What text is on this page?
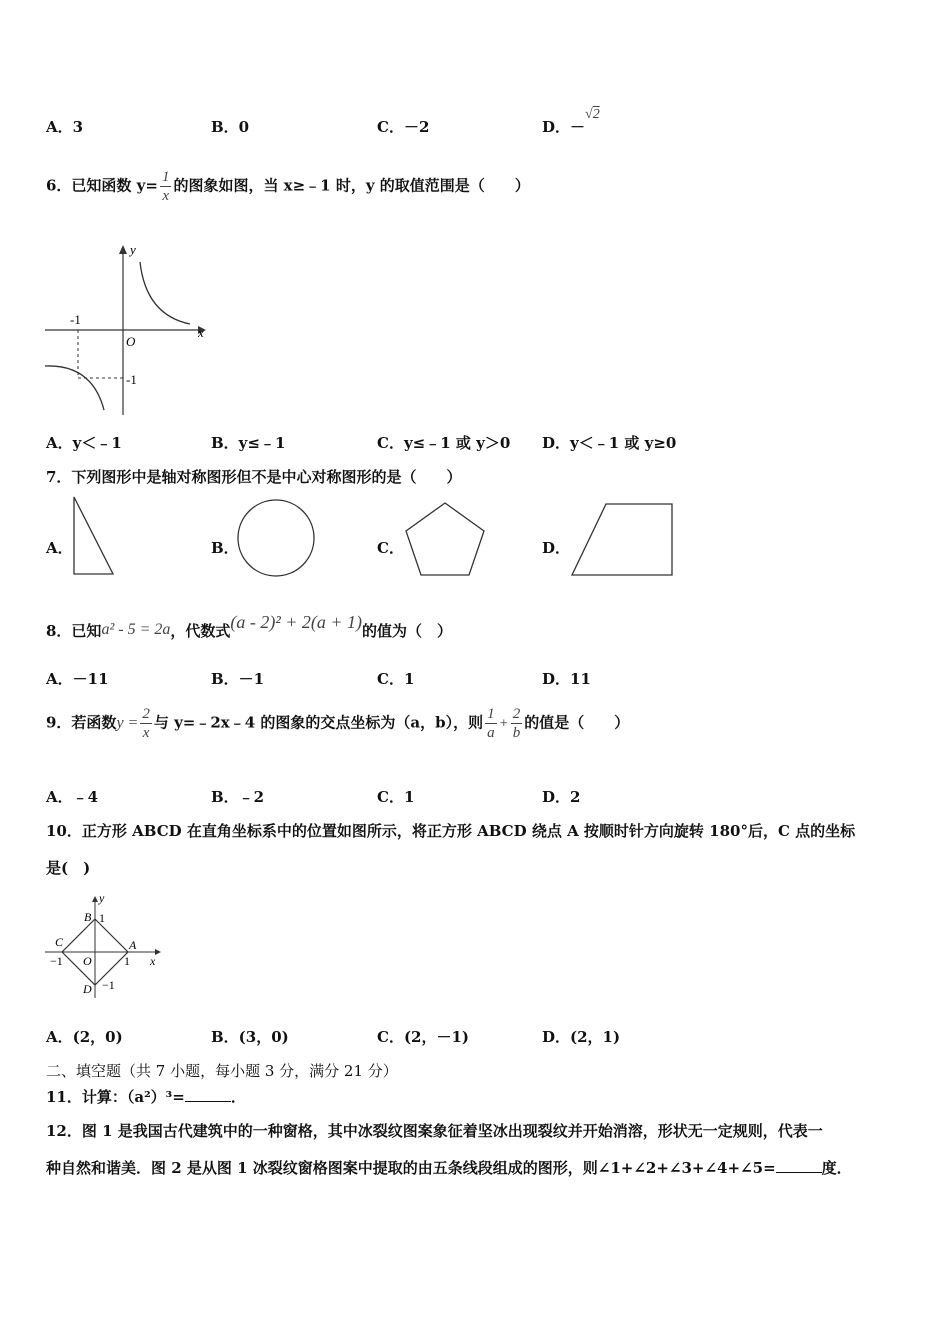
A．3	B．0	C．－2	D．－√2
6．已知函数 $y= \frac{1}{x}$ 的图象如图，当 x≥﹣1 时，y 的取值范围是（　　）
-1
-1
O
x
y
A．y＜﹣1	B．y≤﹣1	C．y≤﹣1 或 y＞0 D．y＜﹣1 或 y≥0
7．下列图形中是轴对称图形但不是中心对称图形的是（　　）
A．	B．	C．	D．
8．已知a² - 5 = 2a，代数式(a - 2)² + 2(a + 1)的值为（　）
A．－11	B．－1	C．1	D．11
9．若函数$y = \frac{2}{x}$ 与 y=﹣2x﹣4 的图象的交点坐标为（a，b），则 $\frac{1}{a} + \frac{2}{b}$ 的值是（　　）
A．﹣4	B．﹣2	C．1	D．2
10．正方形 ABCD 在直角坐标系中的位置如图所示，将正方形 ABCD 绕点 A 按顺时针方向旋转 180°后，C 点的坐标
是(　)
A
B
C
D
O	x
y
1
−1
1
−1
A．(2，0)	B．(3，0)	C．(2，－1)	D．(2，1)
二、填空题（共 7 小题，每小题 3 分，满分 21 分）
11．计算：（a²）³=	．
12．图 1 是我国古代建筑中的一种窗格，其中冰裂纹图案象征着坚冰出现裂纹并开始消溶，形状无一定规则，代表一
种自然和谐美．图 2 是从图 1 冰裂纹窗格图案中提取的由五条线段组成的图形，则∠1+∠2+∠3+∠4+∠5=	度．
